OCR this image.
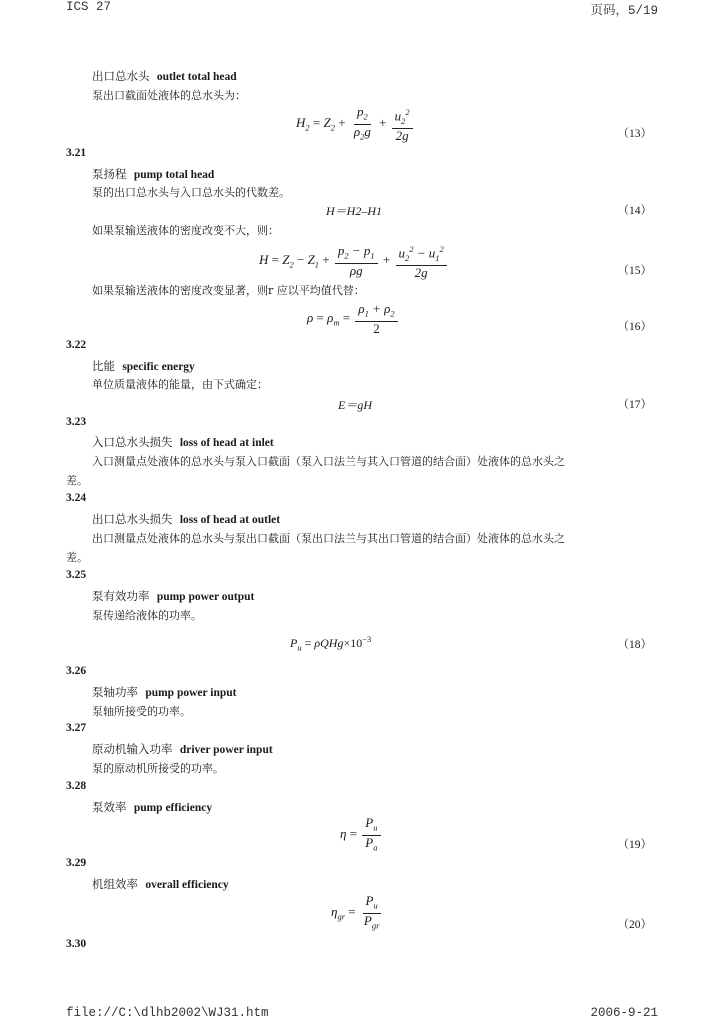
ICS 27	页码，5/19
出口总水头 outlet total head
泵出口截面处液体的总水头为：
$H_2 = Z_2 + \frac{p_2}{\rho_2g} + \frac{u_2^2}{2g}$	（13）
3.21
泵扬程 pump total head
泵的出口总水头与入口总水头的代数差。
H＝H2–H1	（14）
如果泵输送液体的密度改变不大，则：
$H = Z_2 - Z_1 + \frac{p_2 - p_1}{\rho g} + \frac{u_2^2 - u_1^2}{2g}$	（15）
如果泵输送液体的密度改变显著，则r 应以平均值代替：
$\rho = \rho_m = \frac{\rho_1 + \rho_2}{2}$	（16）
3.22
比能 specific energy
单位质量液体的能量，由下式确定：
E＝gH	（17）
3.23
入口总水头损失 loss of head at inlet
入口测量点处液体的总水头与泵入口截面（泵入口法兰与其入口管道的结合面）处液体的总水头之
差。
3.24
出口总水头损失 loss of head at outlet
出口测量点处液体的总水头与泵出口截面（泵出口法兰与其出口管道的结合面）处液体的总水头之
差。
3.25
泵有效功率 pump power output
泵传递给液体的功率。
$P_u = \rho QHg\times 10^{-3}$	（18）
3.26
泵轴功率 pump power input
泵轴所接受的功率。
3.27
原动机输入功率 driver power input
泵的原动机所接受的功率。
3.28
泵效率 pump efficiency
$\eta = \frac{P_u}{P_a}$	（19）
3.29
机组效率 overall efficiency
$\eta_{gr} = \frac{P_u}{P_{gr}}$	（20）
3.30
file://C:\dlhb2002\WJ31.htm	2006-9-21
